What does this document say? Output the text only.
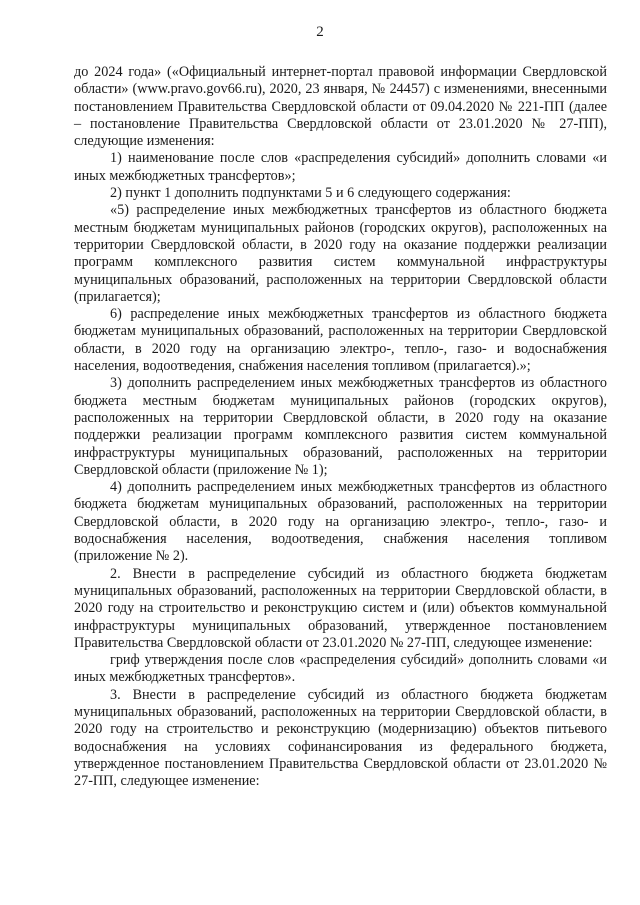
2

до 2024 года» («Официальный интернет-портал правовой информации Свердловской области» (www.pravo.gov66.ru), 2020, 23 января, № 24457) с изменениями, внесенными постановлением Правительства Свердловской области от 09.04.2020 № 221-ПП (далее – постановление Правительства Свердловской области от 23.01.2020 № 27-ПП), следующие изменения:

1) наименование после слов «распределения субсидий» дополнить словами «и иных межбюджетных трансфертов»;

2) пункт 1 дополнить подпунктами 5 и 6 следующего содержания:

«5) распределение иных межбюджетных трансфертов из областного бюджета местным бюджетам муниципальных районов (городских округов), расположенных на территории Свердловской области, в 2020 году на оказание поддержки реализации программ комплексного развития систем коммунальной инфраструктуры муниципальных образований, расположенных на территории Свердловской области (прилагается);

6) распределение иных межбюджетных трансфертов из областного бюджета бюджетам муниципальных образований, расположенных на территории Свердловской области, в 2020 году на организацию электро-, тепло-, газо- и водоснабжения населения, водоотведения, снабжения населения топливом (прилагается).»;

3) дополнить распределением иных межбюджетных трансфертов из областного бюджета местным бюджетам муниципальных районов (городских округов), расположенных на территории Свердловской области, в 2020 году на оказание поддержки реализации программ комплексного развития систем коммунальной инфраструктуры муниципальных образований, расположенных на территории Свердловской области (приложение № 1);

4) дополнить распределением иных межбюджетных трансфертов из областного бюджета бюджетам муниципальных образований, расположенных на территории Свердловской области, в 2020 году на организацию электро-, тепло-, газо- и водоснабжения населения, водоотведения, снабжения населения топливом (приложение № 2).

2. Внести в распределение субсидий из областного бюджета бюджетам муниципальных образований, расположенных на территории Свердловской области, в 2020 году на строительство и реконструкцию систем и (или) объектов коммунальной инфраструктуры муниципальных образований, утвержденное постановлением Правительства Свердловской области от 23.01.2020 № 27-ПП, следующее изменение:

гриф утверждения после слов «распределения субсидий» дополнить словами «и иных межбюджетных трансфертов».

3. Внести в распределение субсидий из областного бюджета бюджетам муниципальных образований, расположенных на территории Свердловской области, в 2020 году на строительство и реконструкцию (модернизацию) объектов питьевого водоснабжения на условиях софинансирования из федерального бюджета, утвержденное постановлением Правительства Свердловской области от 23.01.2020 № 27-ПП, следующее изменение:
